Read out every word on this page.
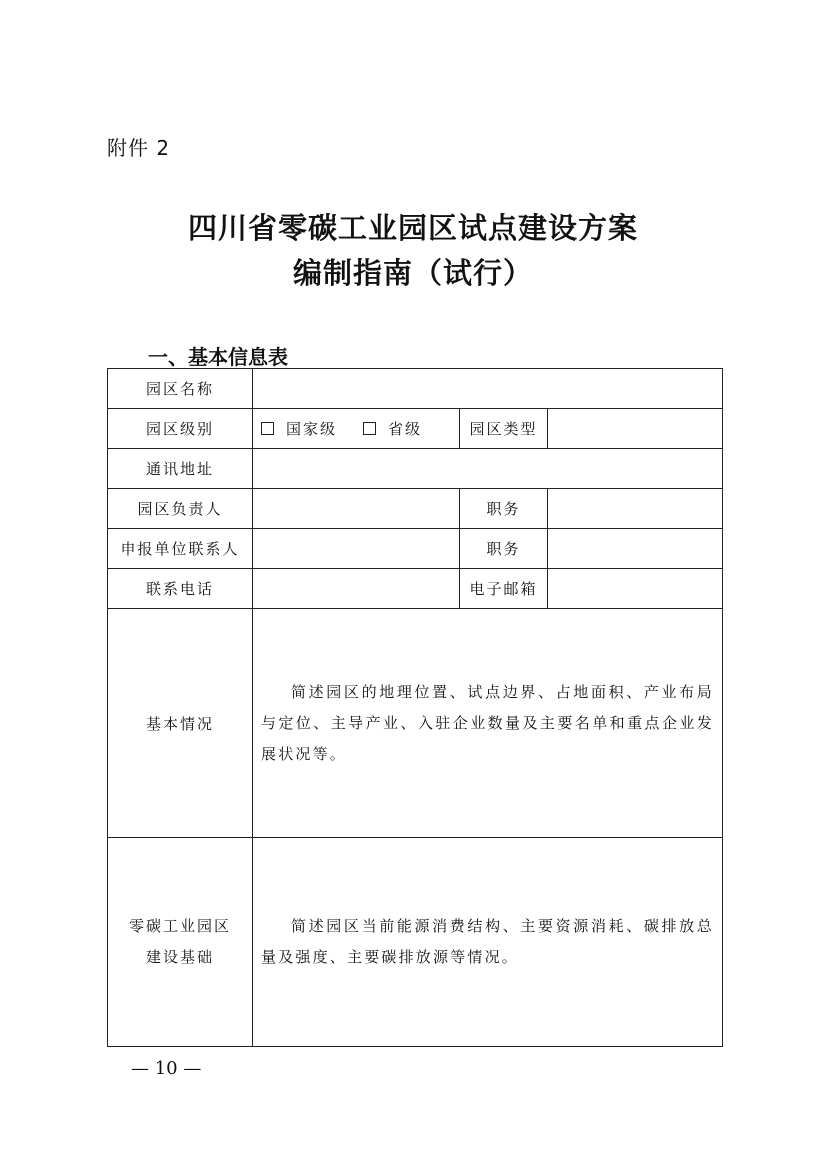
附件 2
四川省零碳工业园区试点建设方案
编制指南（试行）
一、基本信息表
园区名称			
园区级别	国家级 省级	园区类型	
通讯地址			
园区负责人		职务	
申报单位联系人		职务	
联系电话		电子邮箱	
基本情况	简述园区的地理位置、试点边界、占地面积、产业布局与定位、主导产业、入驻企业数量及主要名单和重点企业发展状况等。		

零碳工业园区
建设基础	简述园区当前能源消费结构、主要资源消耗、碳排放总量及强度、主要碳排放源等情况。		

— 10 —
